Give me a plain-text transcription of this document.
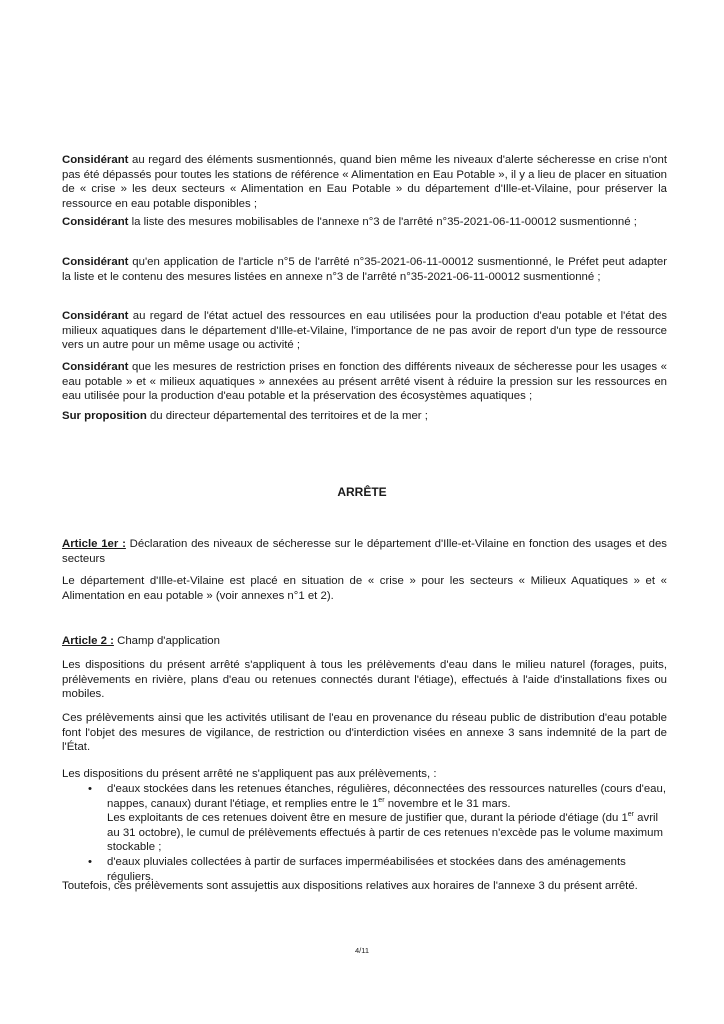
Considérant au regard des éléments susmentionnés, quand bien même les niveaux d'alerte sécheresse en crise n'ont pas été dépassés pour toutes les stations de référence « Alimentation en Eau Potable », il y a lieu de placer en situation de « crise » les deux secteurs « Alimentation en Eau Potable » du département d'Ille-et-Vilaine, pour préserver la ressource en eau potable disponibles ;
Considérant la liste des mesures mobilisables de l'annexe n°3 de l'arrêté n°35-2021-06-11-00012 susmentionné ;
Considérant qu'en application de l'article n°5 de l'arrêté n°35-2021-06-11-00012 susmentionné, le Préfet peut adapter la liste et le contenu des mesures listées en annexe n°3 de l'arrêté n°35-2021-06-11-00012 susmentionné ;
Considérant au regard de l'état actuel des ressources en eau utilisées pour la production d'eau potable et l'état des milieux aquatiques dans le département d'Ille-et-Vilaine, l'importance de ne pas avoir de report d'un type de ressource vers un autre pour un même usage ou activité ;
Considérant que les mesures de restriction prises en fonction des différents niveaux de sécheresse pour les usages « eau potable » et « milieux aquatiques » annexées au présent arrêté visent à réduire la pression sur les ressources en eau utilisée pour la production d'eau potable et la préservation des écosystèmes aquatiques ;
Sur proposition du directeur départemental des territoires et de la mer ;
ARRÊTE
Article 1er : Déclaration des niveaux de sécheresse sur le département d'Ille-et-Vilaine en fonction des usages et des secteurs
Le département d'Ille-et-Vilaine est placé en situation de « crise » pour les secteurs « Milieux Aquatiques » et « Alimentation en eau potable » (voir annexes n°1 et 2).
Article 2 : Champ d'application
Les dispositions du présent arrêté s'appliquent à tous les prélèvements d'eau dans le milieu naturel (forages, puits, prélèvements en rivière, plans d'eau ou retenues connectés durant l'étiage), effectués à l'aide d'installations fixes ou mobiles.
Ces prélèvements ainsi que les activités utilisant de l'eau en provenance du réseau public de distribution d'eau potable font l'objet des mesures de vigilance, de restriction ou d'interdiction visées en annexe 3 sans indemnité de la part de l'État.
Les dispositions du présent arrêté ne s'appliquent pas aux prélèvements, :
• d'eaux stockées dans les retenues étanches, régulières, déconnectées des ressources naturelles (cours d'eau, nappes, canaux) durant l'étiage, et remplies entre le 1er novembre et le 31 mars.
Les exploitants de ces retenues doivent être en mesure de justifier que, durant la période d'étiage (du 1er avril au 31 octobre), le cumul de prélèvements effectués à partir de ces retenues n'excède pas le volume maximum stockable ;
• d'eaux pluviales collectées à partir de surfaces imperméabilisées et stockées dans des aménagements réguliers.
Toutefois, ces prélèvements sont assujettis aux dispositions relatives aux horaires de l'annexe 3 du présent arrêté.
4/11
